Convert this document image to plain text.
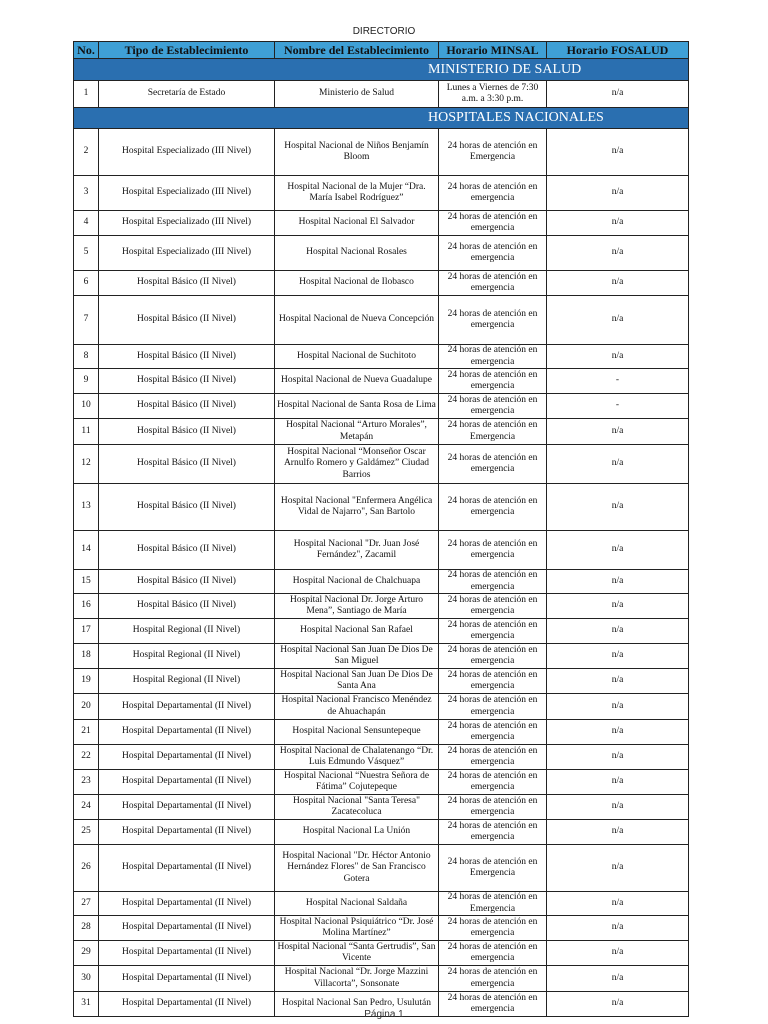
DIRECTORIO
No.	Tipo de Establecimiento	Nombre del Establecimiento	Horario MINSAL	Horario FOSALUD
MINISTERIO DE SALUD				
1	Secretaría de Estado	Ministerio de Salud	Lunes a Viernes de 7:30 a.m. a 3:30 p.m.	n/a
HOSPITALES NACIONALES				
2	Hospital Especializado (III Nivel)	Hospital Nacional de Niños Benjamín Bloom	24 horas de atención en Emergencia	n/a
3	Hospital Especializado (III Nivel)	Hospital Nacional de la Mujer “Dra. María Isabel Rodríguez”	24 horas de atención en emergencia	n/a
4	Hospital Especializado (III Nivel)	Hospital Nacional El Salvador	24 horas de atención en emergencia	n/a
5	Hospital Especializado (III Nivel)	Hospital Nacional Rosales	24 horas de atención en emergencia	n/a
6	Hospital Básico (II Nivel)	Hospital Nacional de Ilobasco	24 horas de atención en emergencia	n/a
7	Hospital Básico (II Nivel)	Hospital Nacional de Nueva Concepción	24 horas de atención en emergencia	n/a
8	Hospital Básico (II Nivel)	Hospital Nacional de Suchitoto	24 horas de atención en emergencia	n/a
9	Hospital Básico (II Nivel)	Hospital Nacional de Nueva Guadalupe	24 horas de atención en emergencia	-
10	Hospital Básico (II Nivel)	Hospital Nacional de Santa Rosa de Lima	24 horas de atención en emergencia	-
11	Hospital Básico (II Nivel)	Hospital Nacional “Arturo Morales”, Metapán	24 horas de atención en Emergencia	n/a
12	Hospital Básico (II Nivel)	Hospital Nacional “Monseñor Oscar Arnulfo Romero y Galdámez” Ciudad Barrios	24 horas de atención en emergencia	n/a
13	Hospital Básico (II Nivel)	Hospital Nacional "Enfermera Angélica Vidal de Najarro", San Bartolo	24 horas de atención en emergencia	n/a
14	Hospital Básico (II Nivel)	Hospital Nacional "Dr. Juan José Fernández", Zacamil	24 horas de atención en emergencia	n/a
15	Hospital Básico (II Nivel)	Hospital Nacional de Chalchuapa	24 horas de atención en emergencia	n/a
16	Hospital Básico (II Nivel)	Hospital Nacional Dr. Jorge Arturo Mena”, Santiago de María	24 horas de atención en emergencia	n/a
17	Hospital Regional (II Nivel)	Hospital Nacional San Rafael	24 horas de atención en emergencia	n/a
18	Hospital Regional (II Nivel)	Hospital Nacional San Juan De Dios De San Miguel	24 horas de atención en emergencia	n/a
19	Hospital Regional (II Nivel)	Hospital Nacional San Juan De Dios De Santa Ana	24 horas de atención en emergencia	n/a
20	Hospital Departamental (II Nivel)	Hospital Nacional Francisco Menéndez de Ahuachapán	24 horas de atención en emergencia	n/a
21	Hospital Departamental (II Nivel)	Hospital Nacional Sensuntepeque	24 horas de atención en emergencia	n/a
22	Hospital Departamental (II Nivel)	Hospital Nacional de Chalatenango “Dr. Luis Edmundo Vásquez”	24 horas de atención en emergencia	n/a
23	Hospital Departamental (II Nivel)	Hospital Nacional “Nuestra Señora de Fátima” Cojutepeque	24 horas de atención en emergencia	n/a
24	Hospital Departamental (II Nivel)	Hospital Nacional "Santa Teresa" Zacatecoluca	24 horas de atención en emergencia	n/a
25	Hospital Departamental (II Nivel)	Hospital Nacional La Unión	24 horas de atención en emergencia	n/a
26	Hospital Departamental (II Nivel)	Hospital Nacional "Dr. Héctor Antonio Hernández Flores" de San Francisco Gotera	24 horas de atención en Emergencia	n/a
27	Hospital Departamental (II Nivel)	Hospital Nacional Saldaña	24 horas de atención en Emergencia	n/a
28	Hospital Departamental (II Nivel)	Hospital Nacional Psiquiátrico “Dr. José Molina Martínez”	24 horas de atención en emergencia	n/a
29	Hospital Departamental (II Nivel)	Hospital Nacional “Santa Gertrudis”, San Vicente	24 horas de atención en emergencia	n/a
30	Hospital Departamental (II Nivel)	Hospital Nacional “Dr. Jorge Mazzini Villacorta”, Sonsonate	24 horas de atención en emergencia	n/a
31	Hospital Departamental (II Nivel)	Hospital Nacional San Pedro, Usulután	24 horas de atención en emergencia	n/a
Página 1
